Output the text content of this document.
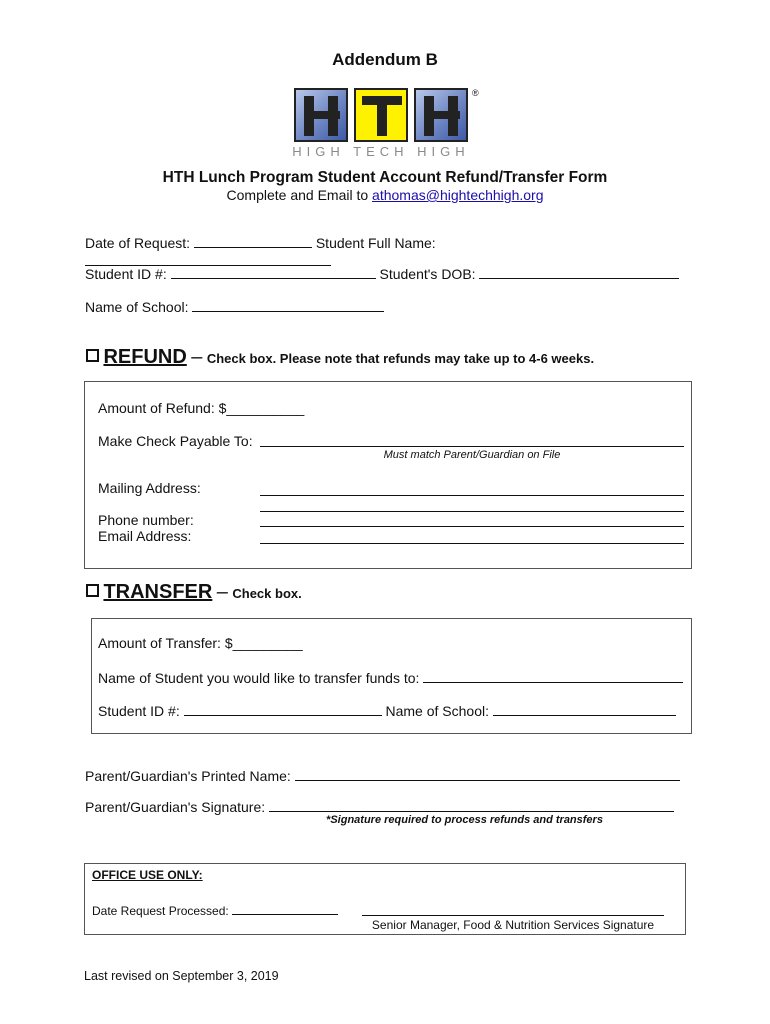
Addendum B
®
HIGH TECH HIGH
HTH Lunch Program Student Account Refund/Transfer Form
Complete and Email to athomas@hightechhigh.org
Date of Request:	Student Full Name:
Student ID #:	Student's DOB:
Name of School:
REFUND – Check box. Please note that refunds may take up to 4-6 weeks.
Amount of Refund: $__________
Make Check Payable To:
Must match Parent/Guardian on File
Mailing Address:
Phone number:
Email Address:
TRANSFER – Check box.
Amount of Transfer: $_________
Name of Student you would like to transfer funds to:
Student ID #:	Name of School:
Parent/Guardian's Printed Name:
Parent/Guardian's Signature:
*Signature required to process refunds and transfers
OFFICE USE ONLY:
Date Request Processed:
Senior Manager, Food & Nutrition Services Signature
Last revised on September 3, 2019
